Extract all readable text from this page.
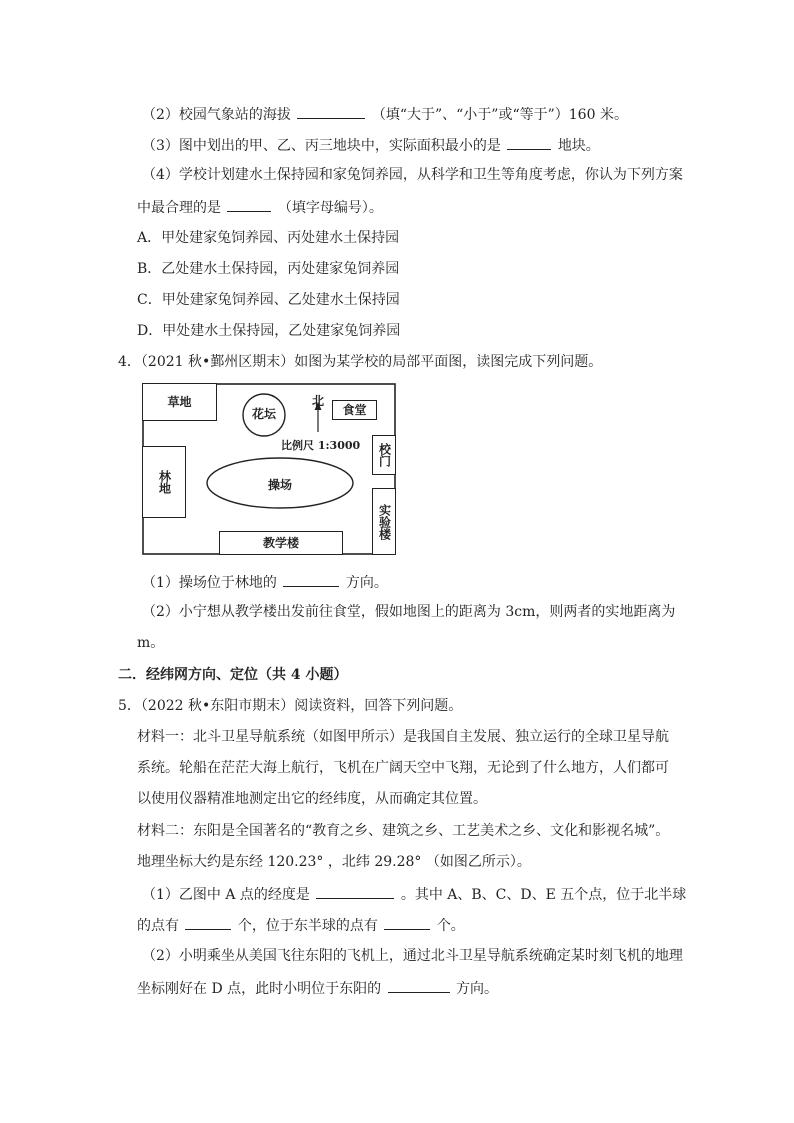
（2）校园气象站的海拔	（填“大于”、“小于”或“等于”）160 米。
（3）图中划出的甲、乙、丙三地块中，实际面积最小的是	地块。
（4）学校计划建水土保持园和家兔饲养园，从科学和卫生等角度考虑，你认为下列方案
中最合理的是	（填字母编号）。
A．甲处建家兔饲养园、丙处建水土保持园
B．乙处建水土保持园，丙处建家兔饲养园
C．甲处建家兔饲养园、乙处建水土保持园
D．甲处建水土保持园，乙处建家兔饲养园
4．（2021 秋•鄞州区期末）如图为某学校的局部平面图，读图完成下列问题。
草地
花坛
北
食堂
比例尺 1:3000	校门
林地	操场
实验楼
教学楼
（1）操场位于林地的	方向。
（2）小宁想从教学楼出发前往食堂，假如地图上的距离为 3cm，则两者的实地距离为
m。
二．经纬网方向、定位（共 4 小题）
5．（2022 秋•东阳市期末）阅读资料，回答下列问题。
材料一：北斗卫星导航系统（如图甲所示）是我国自主发展、独立运行的全球卫星导航
系统。轮船在茫茫大海上航行，飞机在广阔天空中飞翔，无论到了什么地方，人们都可
以使用仪器精准地测定出它的经纬度，从而确定其位置。
材料二：东阳是全国著名的“教育之乡、建筑之乡、工艺美术之乡、文化和影视名城”。
地理坐标大约是东经 120.23° ，北纬 29.28° （如图乙所示）。
（1）乙图中 A 点的经度是	。其中 A、B、C、D、E 五个点，位于北半球
的点有	个，位于东半球的点有	个。
（2）小明乘坐从美国飞往东阳的飞机上，通过北斗卫星导航系统确定某时刻飞机的地理
坐标刚好在 D 点，此时小明位于东阳的	方向。
